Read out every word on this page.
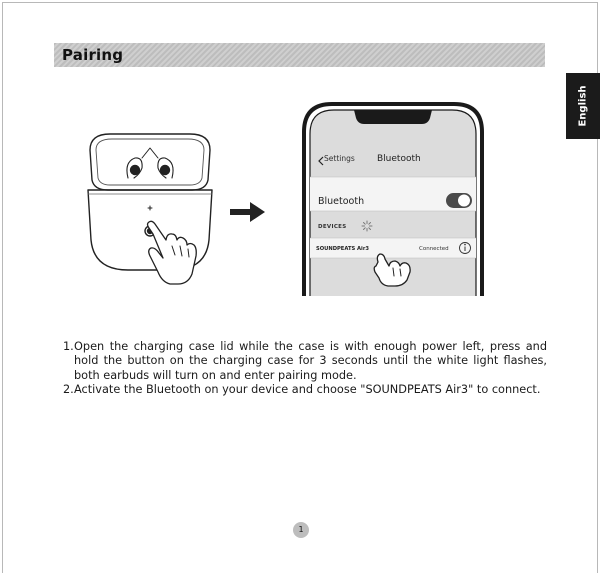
Pairing
English
Settings Bluetooth
Bluetooth
DEVICES
SOUNDPEATS Air3	Connected
1. Open the charging case lid while the case is with enough power left, press and hold the button on the charging case for 3 seconds until the white light flashes, both earbuds will turn on and enter pairing mode.
2. Activate the Bluetooth on your device and choose "SOUNDPEATS Air3" to connect.
1
